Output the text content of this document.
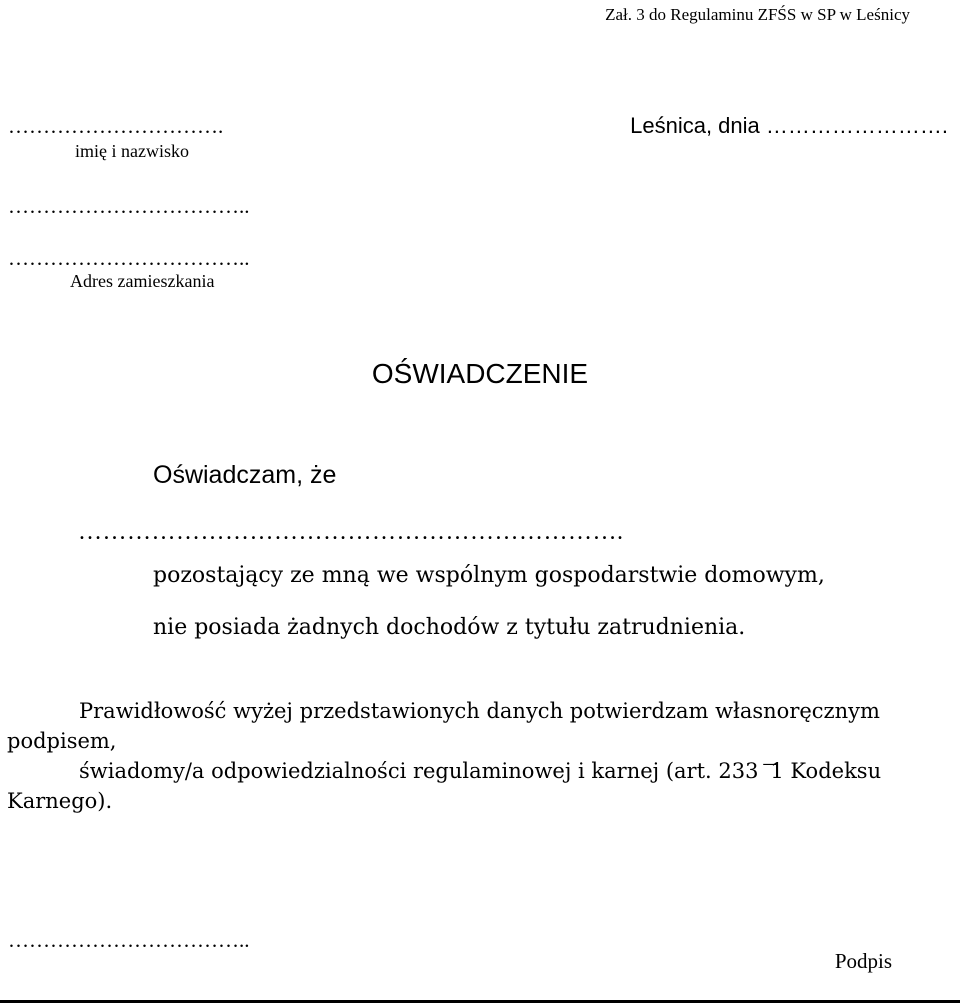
Zał. 3 do Regulaminu ZFŚS w SP w Leśnicy
………………………….
imię i nazwisko
Leśnica, dnia …………………….
……………………………..
……………………………..
Adres zamieszkania
OŚWIADCZENIE
Oświadczam, że
………………………………………………………….
pozostający ze mną we wspólnym gospodarstwie domowym,
nie posiada żadnych dochodów z tytułu zatrudnienia.

Prawidłowość wyżej przedstawionych danych potwierdzam własnoręcznym

podpisem,

świadomy/a odpowiedzialności regulaminowej i karnej (art. 233 ͞ 1 Kodeksu

Karnego).

……………………………..
Podpis
